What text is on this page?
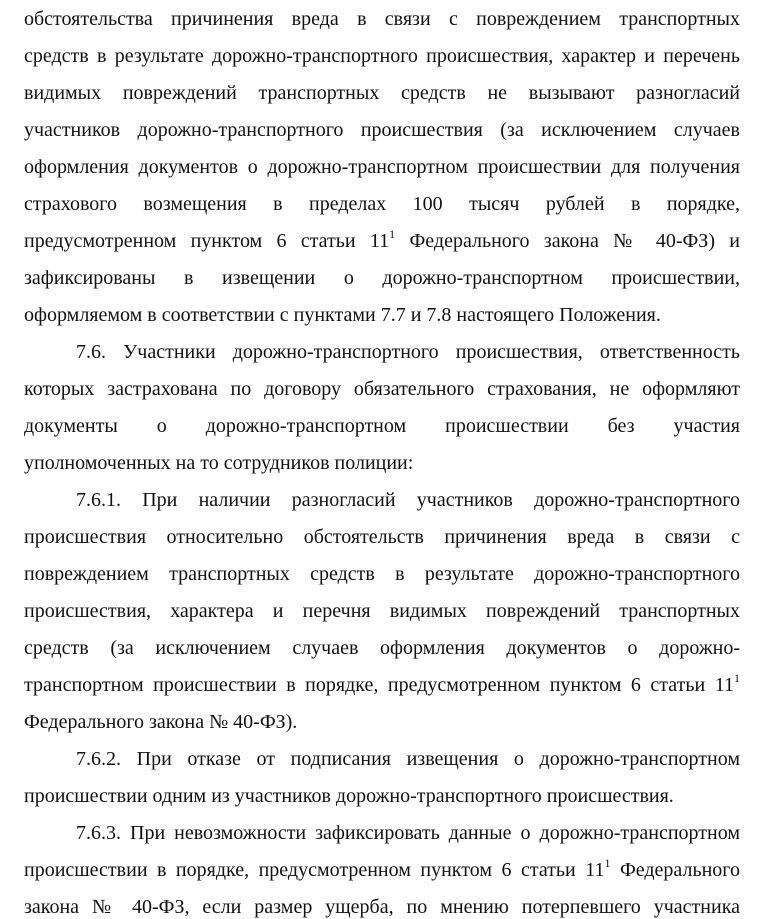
обстоятельства причинения вреда в связи с повреждением транспортных
средств в результате дорожно-транспортного происшествия, характер и перечень
видимых повреждений транспортных средств не вызывают разногласий
участников дорожно-транспортного происшествия (за исключением случаев
оформления документов о дорожно-транспортном происшествии для получения
страхового возмещения в пределах 100 тысяч рублей в порядке,
предусмотренном пунктом 6 статьи $11^1$ Федерального закона № 40-ФЗ) и
зафиксированы в извещении о дорожно-транспортном происшествии,
оформляемом в соответствии с пунктами 7.7 и 7.8 настоящего Положения.
7.6. Участники дорожно-транспортного происшествия, ответственность
которых застрахована по договору обязательного страхования, не оформляют
документы о дорожно-транспортном происшествии без участия
уполномоченных на то сотрудников полиции:
7.6.1. При наличии разногласий участников дорожно-транспортного
происшествия относительно обстоятельств причинения вреда в связи с
повреждением транспортных средств в результате дорожно-транспортного
происшествия, характера и перечня видимых повреждений транспортных
средств (за исключением случаев оформления документов о дорожно-
транспортном происшествии в порядке, предусмотренном пунктом 6 статьи $11^1$
Федерального закона № 40-ФЗ).
7.6.2. При отказе от подписания извещения о дорожно-транспортном
происшествии одним из участников дорожно-транспортного происшествия.
7.6.3. При невозможности зафиксировать данные о дорожно-транспортном
происшествии в порядке, предусмотренном пунктом 6 статьи $11^1$ Федерального
закона № 40-ФЗ, если размер ущерба, по мнению потерпевшего участника
